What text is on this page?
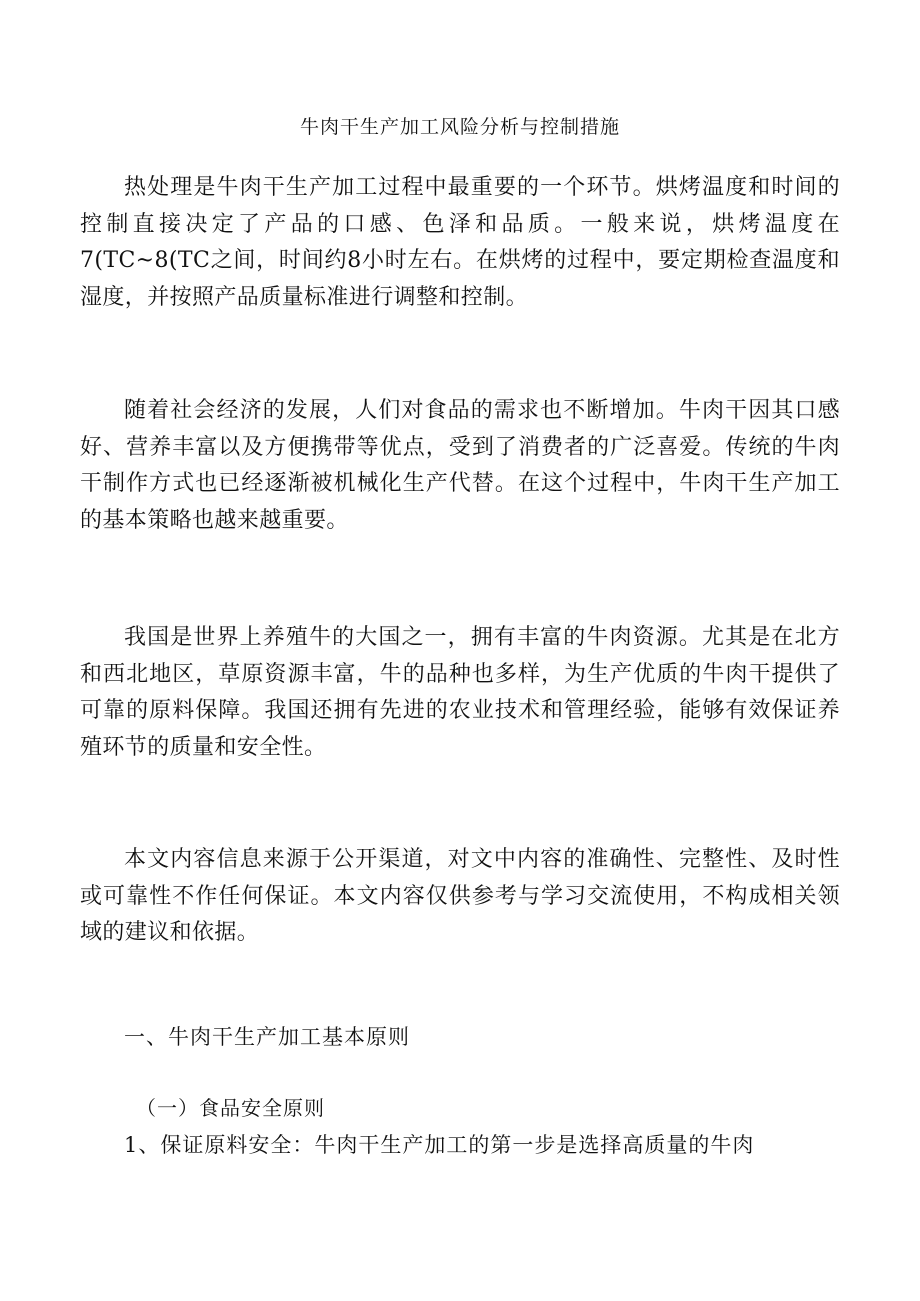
牛肉干生产加工风险分析与控制措施

热处理是牛肉干生产加工过程中最重要的一个环节。烘烤温度和时间的控制直接决定了产品的口感、色泽和品质。一般来说，烘烤温度在7(TC~8(TC之间，时间约8小时左右。在烘烤的过程中，要定期检查温度和湿度，并按照产品质量标准进行调整和控制。

随着社会经济的发展，人们对食品的需求也不断增加。牛肉干因其口感好、营养丰富以及方便携带等优点，受到了消费者的广泛喜爱。传统的牛肉干制作方式也已经逐渐被机械化生产代替。在这个过程中，牛肉干生产加工的基本策略也越来越重要。

我国是世界上养殖牛的大国之一，拥有丰富的牛肉资源。尤其是在北方和西北地区，草原资源丰富，牛的品种也多样，为生产优质的牛肉干提供了可靠的原料保障。我国还拥有先进的农业技术和管理经验，能够有效保证养殖环节的质量和安全性。

本文内容信息来源于公开渠道，对文中内容的准确性、完整性、及时性或可靠性不作任何保证。本文内容仅供参考与学习交流使用，不构成相关领域的建议和依据。

一、牛肉干生产加工基本原则
（一）食品安全原则

1、保证原料安全：牛肉干生产加工的第一步是选择高质量的牛肉
